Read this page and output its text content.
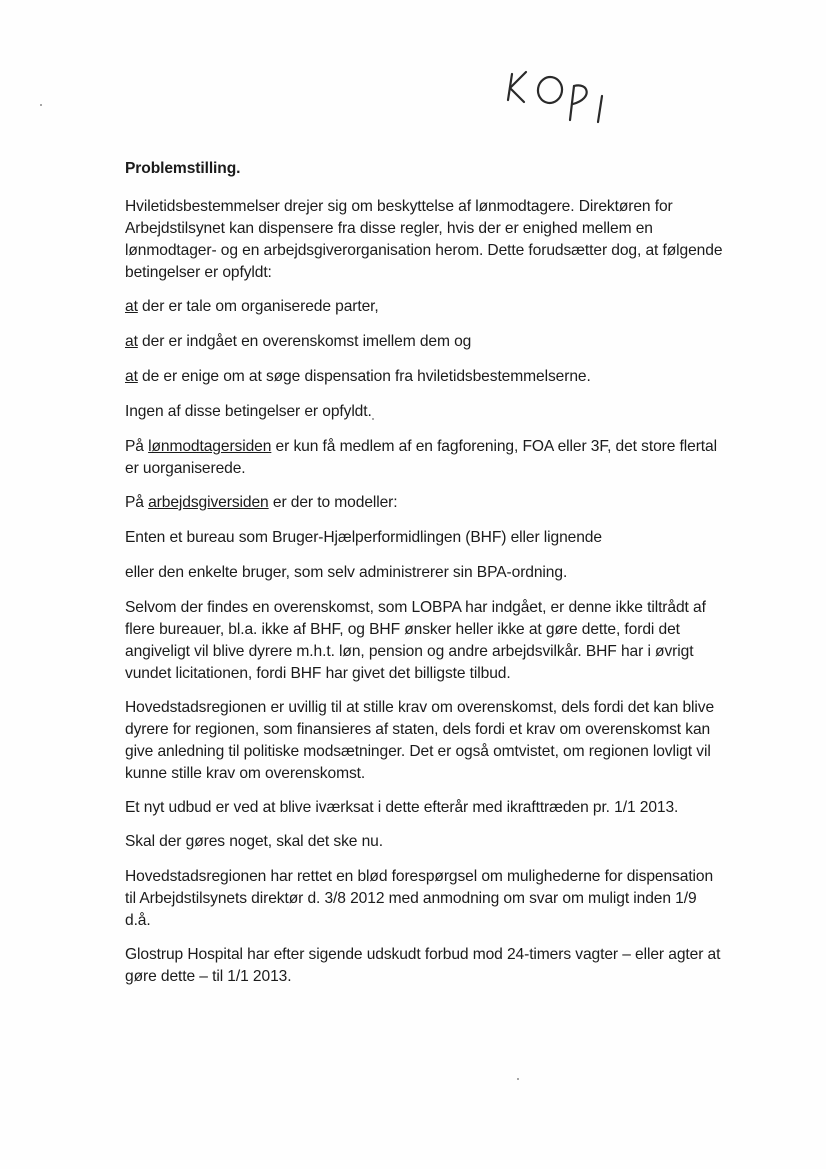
Problemstilling.
Hviletidsbestemmelser drejer sig om beskyttelse af lønmodtagere. Direktøren for Arbejdstilsynet kan dispensere fra disse regler, hvis der er enighed mellem en lønmodtager- og en arbejdsgiverorganisation herom. Dette forudsætter dog, at følgende betingelser er opfyldt:
at der er tale om organiserede parter,
at der er indgået en overenskomst imellem dem og
at de er enige om at søge dispensation fra hviletidsbestemmelserne.
Ingen af disse betingelser er opfyldt.
På lønmodtagersiden er kun få medlem af en fagforening, FOA eller 3F, det store flertal er uorganiserede.
På arbejdsgiversiden er der to modeller:
Enten et bureau som Bruger-Hjælperformidlingen (BHF) eller lignende
eller den enkelte bruger, som selv administrerer sin BPA-ordning.
Selvom der findes en overenskomst, som LOBPA har indgået, er denne ikke tiltrådt af flere bureauer, bl.a. ikke af BHF, og BHF ønsker heller ikke at gøre dette, fordi det angiveligt vil blive dyrere m.h.t. løn, pension og andre arbejdsvilkår. BHF har i øvrigt vundet licitationen, fordi BHF har givet det billigste tilbud.
Hovedstadsregionen er uvillig til at stille krav om overenskomst, dels fordi det kan blive dyrere for regionen, som finansieres af staten, dels fordi et krav om overenskomst kan give anledning til politiske modsætninger. Det er også omtvistet, om regionen lovligt vil kunne stille krav om overenskomst.
Et nyt udbud er ved at blive iværksat i dette efterår med ikrafttræden pr. 1/1 2013.
Skal der gøres noget, skal det ske nu.
Hovedstadsregionen har rettet en blød forespørgsel om mulighederne for dispensation til Arbejdstilsynets direktør d. 3/8 2012 med anmodning om svar om muligt inden 1/9 d.å.
Glostrup Hospital har efter sigende udskudt forbud mod 24-timers vagter – eller agter at gøre dette – til 1/1 2013.
